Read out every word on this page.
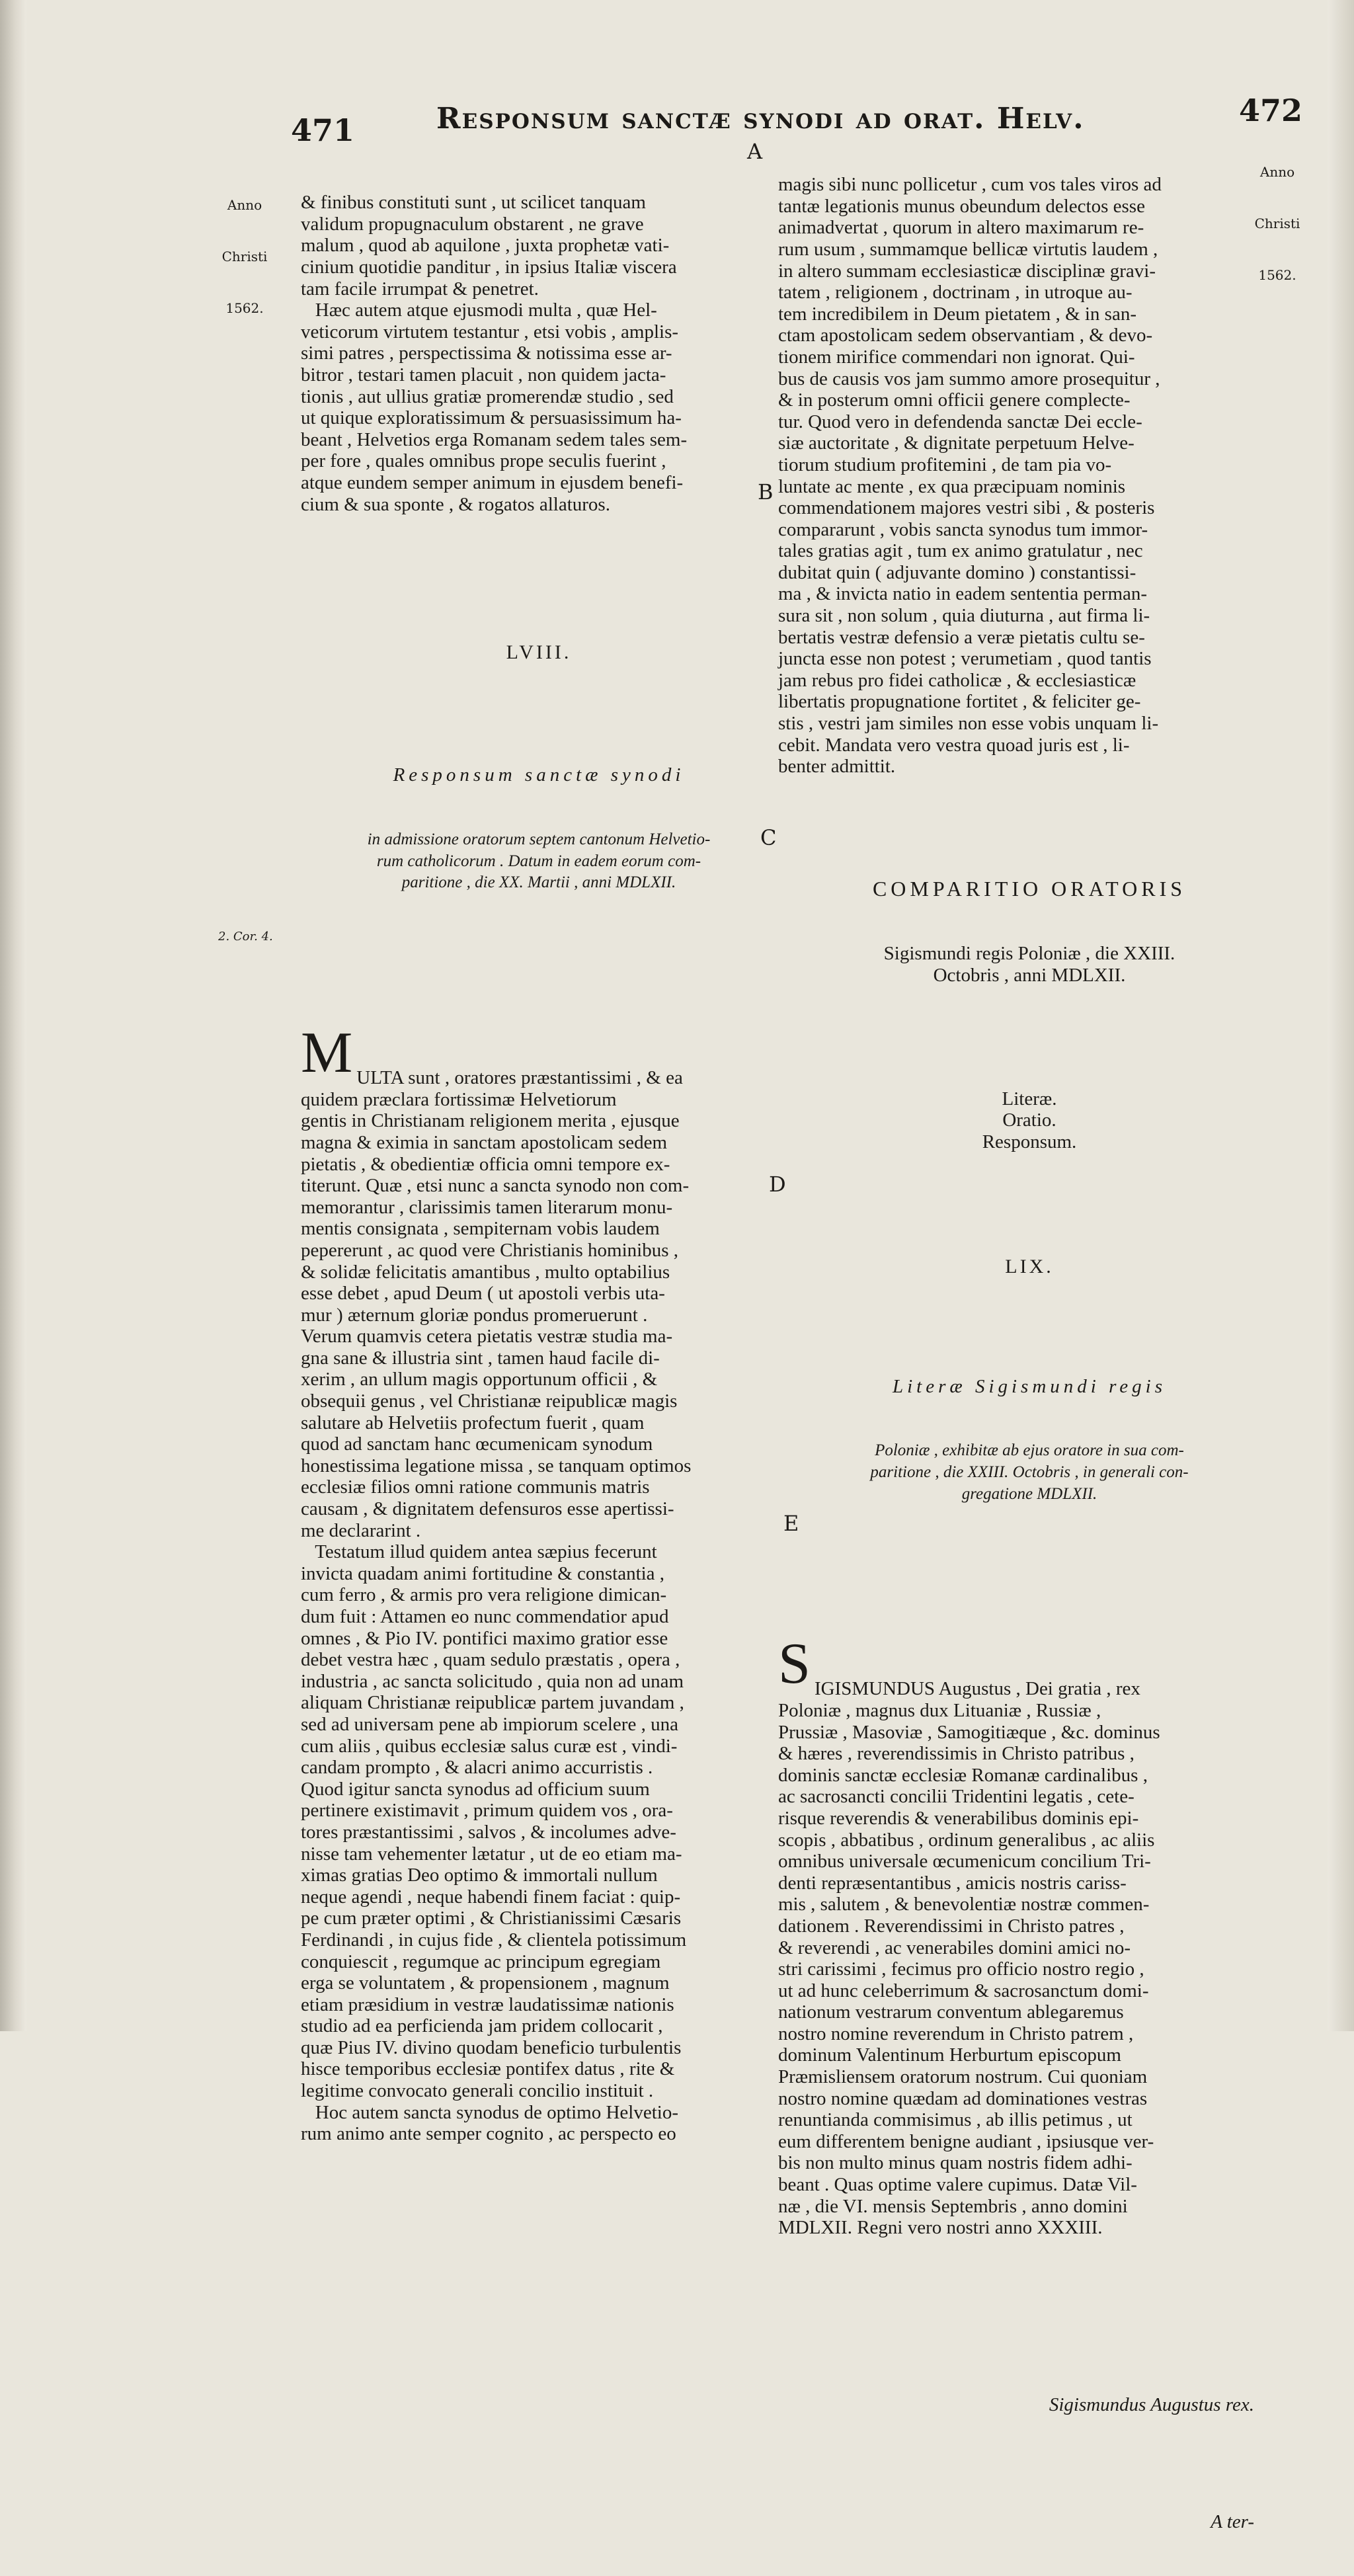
471	Responsum sanctæ synodi ad orat. Helv.	472

Anno

Christi

1562.

Anno

Christi

1562.

2. Cor. 4.
A
B
C
D
E

& finibus constituti sunt , ut scilicet tanquam
validum propugnaculum obstarent , ne grave
malum , quod ab aquilone , juxta prophetæ vati-
cinium quotidie panditur , in ipsius Italiæ viscera
tam facile irrumpat & penetret.
Hæc autem atque ejusmodi multa , quæ Hel-
veticorum virtutem testantur , etsi vobis , amplis-
simi patres , perspectissima & notissima esse ar-
bitror , testari tamen placuit , non quidem jacta-
tionis , aut ullius gratiæ promerendæ studio , sed
ut quique exploratissimum & persuasissimum ha-
beant , Helvetios erga Romanam sedem tales sem-
per fore , quales omnibus prope seculis fuerint ,
atque eundem semper animum in ejusdem benefi-
cium & sua sponte , & rogatos allaturos.

LVIII.

Responsum sanctæ synodi

in admissione oratorum septem cantonum Helvetio-
rum catholicorum . Datum in eadem eorum com-
paritione , die XX. Martii , anni MDLXII.

M

ULTA sunt , oratores præstantissimi , & ea
quidem præclara fortissimæ Helvetiorum
gentis in Christianam religionem merita , ejusque
magna & eximia in sanctam apostolicam sedem
pietatis , & obedientiæ officia omni tempore ex-
titerunt. Quæ , etsi nunc a sancta synodo non com-
memorantur , clarissimis tamen literarum monu-
mentis consignata , sempiternam vobis laudem
pepererunt , ac quod vere Christianis hominibus ,
& solidæ felicitatis amantibus , multo optabilius
esse debet , apud Deum ( ut apostoli verbis uta-
mur ) æternum gloriæ pondus promeruerunt .
Verum quamvis cetera pietatis vestræ studia ma-
gna sane & illustria sint , tamen haud facile di-
xerim , an ullum magis opportunum officii , &
obsequii genus , vel Christianæ reipublicæ magis
salutare ab Helvetiis profectum fuerit , quam
quod ad sanctam hanc œcumenicam synodum
honestissima legatione missa , se tanquam optimos
ecclesiæ filios omni ratione communis matris
causam , & dignitatem defensuros esse apertissi-
me declararint .
Testatum illud quidem antea sæpius fecerunt
invicta quadam animi fortitudine & constantia ,
cum ferro , & armis pro vera religione dimican-
dum fuit : Attamen eo nunc commendatior apud
omnes , & Pio IV. pontifici maximo gratior esse
debet vestra hæc , quam sedulo præstatis , opera ,
industria , ac sancta solicitudo , quia non ad unam
aliquam Christianæ reipublicæ partem juvandam ,
sed ad universam pene ab impiorum scelere , una
cum aliis , quibus ecclesiæ salus curæ est , vindi-
candam prompto , & alacri animo accurristis .
Quod igitur sancta synodus ad officium suum
pertinere existimavit , primum quidem vos , ora-
tores præstantissimi , salvos , & incolumes adve-
nisse tam vehementer lætatur , ut de eo etiam ma-
ximas gratias Deo optimo & immortali nullum
neque agendi , neque habendi finem faciat : quip-
pe cum præter optimi , & Christianissimi Cæsaris
Ferdinandi , in cujus fide , & clientela potissimum
conquiescit , regumque ac principum egregiam
erga se voluntatem , & propensionem , magnum
etiam præsidium in vestræ laudatissimæ nationis
studio ad ea perficienda jam pridem collocarit ,
quæ Pius IV. divino quodam beneficio turbulentis
hisce temporibus ecclesiæ pontifex datus , rite &
legitime convocato generali concilio instituit .
Hoc autem sancta synodus de optimo Helvetio-
rum animo ante semper cognito , ac perspecto eo

magis sibi nunc pollicetur , cum vos tales viros ad
tantæ legationis munus obeundum delectos esse
animadvertat , quorum in altero maximarum re-
rum usum , summamque bellicæ virtutis laudem ,
in altero summam ecclesiasticæ disciplinæ gravi-
tatem , religionem , doctrinam , in utroque au-
tem incredibilem in Deum pietatem , & in san-
ctam apostolicam sedem observantiam , & devo-
tionem mirifice commendari non ignorat. Qui-
bus de causis vos jam summo amore prosequitur ,
& in posterum omni officii genere complecte-
tur. Quod vero in defendenda sanctæ Dei eccle-
siæ auctoritate , & dignitate perpetuum Helve-
tiorum studium profitemini , de tam pia vo-
luntate ac mente , ex qua præcipuam nominis
commendationem majores vestri sibi , & posteris
compararunt , vobis sancta synodus tum immor-
tales gratias agit , tum ex animo gratulatur , nec
dubitat quin ( adjuvante domino ) constantissi-
ma , & invicta natio in eadem sententia perman-
sura sit , non solum , quia diuturna , aut firma li-
bertatis vestræ defensio a veræ pietatis cultu se-
juncta esse non potest ; verumetiam , quod tantis
jam rebus pro fidei catholicæ , & ecclesiasticæ
libertatis propugnatione fortitet , & feliciter ge-
stis , vestri jam similes non esse vobis unquam li-
cebit. Mandata vero vestra quoad juris est , li-
benter admittit.

COMPARITIO ORATORIS

Sigismundi regis Poloniæ , die XXIII.
Octobris , anni MDLXII.

Literæ.
Oratio.
Responsum.

LIX.

Literæ Sigismundi regis

Poloniæ , exhibitæ ab ejus oratore in sua com-
paritione , die XXIII. Octobris , in generali con-
gregatione MDLXII.

S

IGISMUNDUS Augustus , Dei gratia , rex
Poloniæ , magnus dux Lituaniæ , Russiæ ,
Prussiæ , Masoviæ , Samogitiæque , &c. dominus
& hæres , reverendissimis in Christo patribus ,
dominis sanctæ ecclesiæ Romanæ cardinalibus ,
ac sacrosancti concilii Tridentini legatis , cete-
risque reverendis & venerabilibus dominis epi-
scopis , abbatibus , ordinum generalibus , ac aliis
omnibus universale œcumenicum concilium Tri-
denti repræsentantibus , amicis nostris cariss-
mis , salutem , & benevolentiæ nostræ commen-
dationem . Reverendissimi in Christo patres ,
& reverendi , ac venerabiles domini amici no-
stri carissimi , fecimus pro officio nostro regio ,
ut ad hunc celeberrimum & sacrosanctum domi-
nationum vestrarum conventum ablegaremus
nostro nomine reverendum in Christo patrem ,
dominum Valentinum Herburtum episcopum
Præmisliensem oratorum nostrum. Cui quoniam
nostro nomine quædam ad dominationes vestras
renuntianda commisimus , ab illis petimus , ut
eum differentem benigne audiant , ipsiusque ver-
bis non multo minus quam nostris fidem adhi-
beant . Quas optime valere cupimus. Datæ Vil-
næ , die VI. mensis Septembris , anno domini
MDLXII. Regni vero nostri anno XXXIII.

Sigismundus Augustus rex.

A ter-
